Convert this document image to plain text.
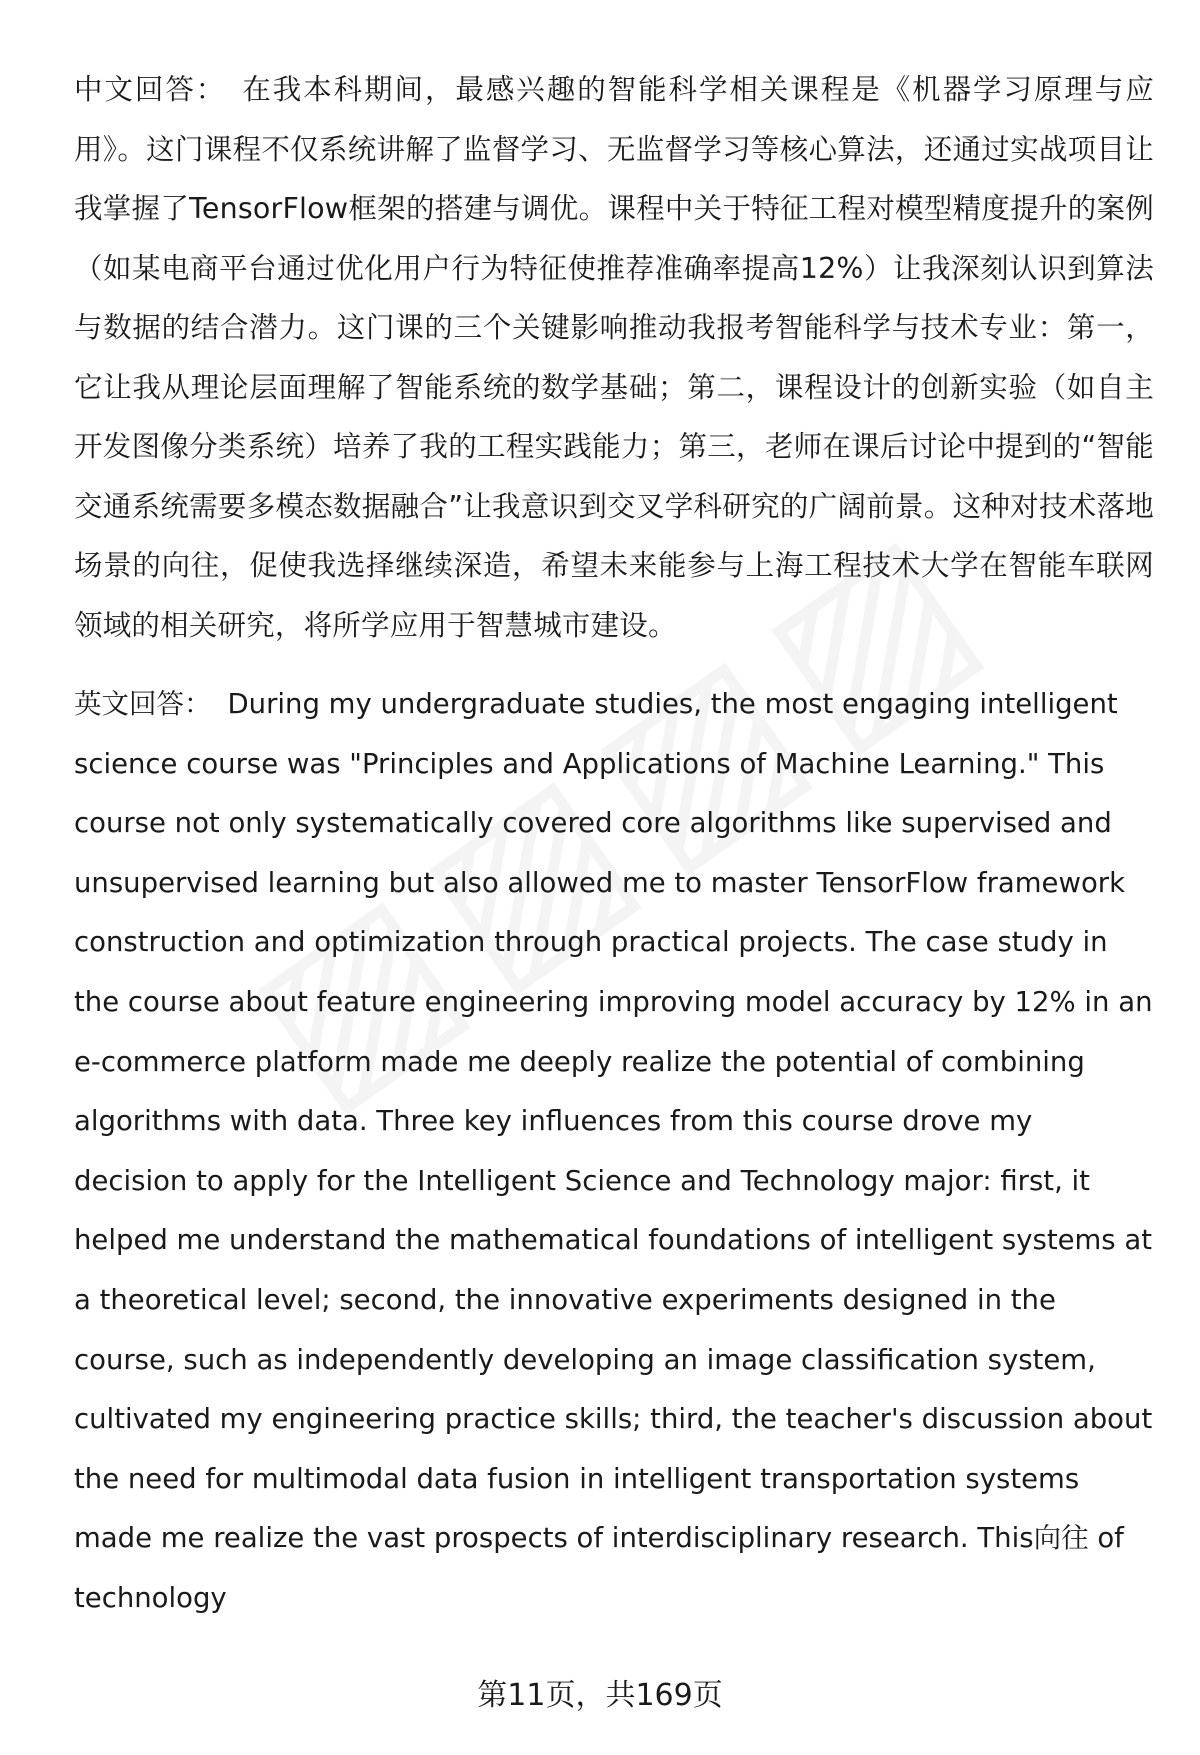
中文回答： 在我本科期间，最感兴趣的智能科学相关课程是《机器学习原理与应用》。这门课程不仅系统讲解了监督学习、无监督学习等核心算法，还通过实战项目让我掌握了TensorFlow框架的搭建与调优。课程中关于特征工程对模型精度提升的案例（如某电商平台通过优化用户行为特征使推荐准确率提高12%）让我深刻认识到算法与数据的结合潜力。这门课的三个关键影响推动我报考智能科学与技术专业：第一，它让我从理论层面理解了智能系统的数学基础；第二，课程设计的创新实验（如自主开发图像分类系统）培养了我的工程实践能力；第三，老师在课后讨论中提到的“智能交通系统需要多模态数据融合”让我意识到交叉学科研究的广阔前景。这种对技术落地场景的向往，促使我选择继续深造，希望未来能参与上海工程技术大学在智能车联网领域的相关研究，将所学应用于智慧城市建设。

英文回答： During my undergraduate studies, the most engaging intelligent science course was "Principles and Applications of Machine Learning." This course not only systematically covered core algorithms like supervised and unsupervised learning but also allowed me to master TensorFlow framework construction and optimization through practical projects. The case study in the course about feature engineering improving model accuracy by 12% in an e-commerce platform made me deeply realize the potential of combining algorithms with data. Three key influences from this course drove my decision to apply for the Intelligent Science and Technology major: first, it helped me understand the mathematical foundations of intelligent systems at a theoretical level; second, the innovative experiments designed in the course, such as independently developing an image classification system, cultivated my engineering practice skills; third, the teacher's discussion about the need for multimodal data fusion in intelligent transportation systems made me realize the vast prospects of interdisciplinary research. This向往 of technology

第11页，共169页
